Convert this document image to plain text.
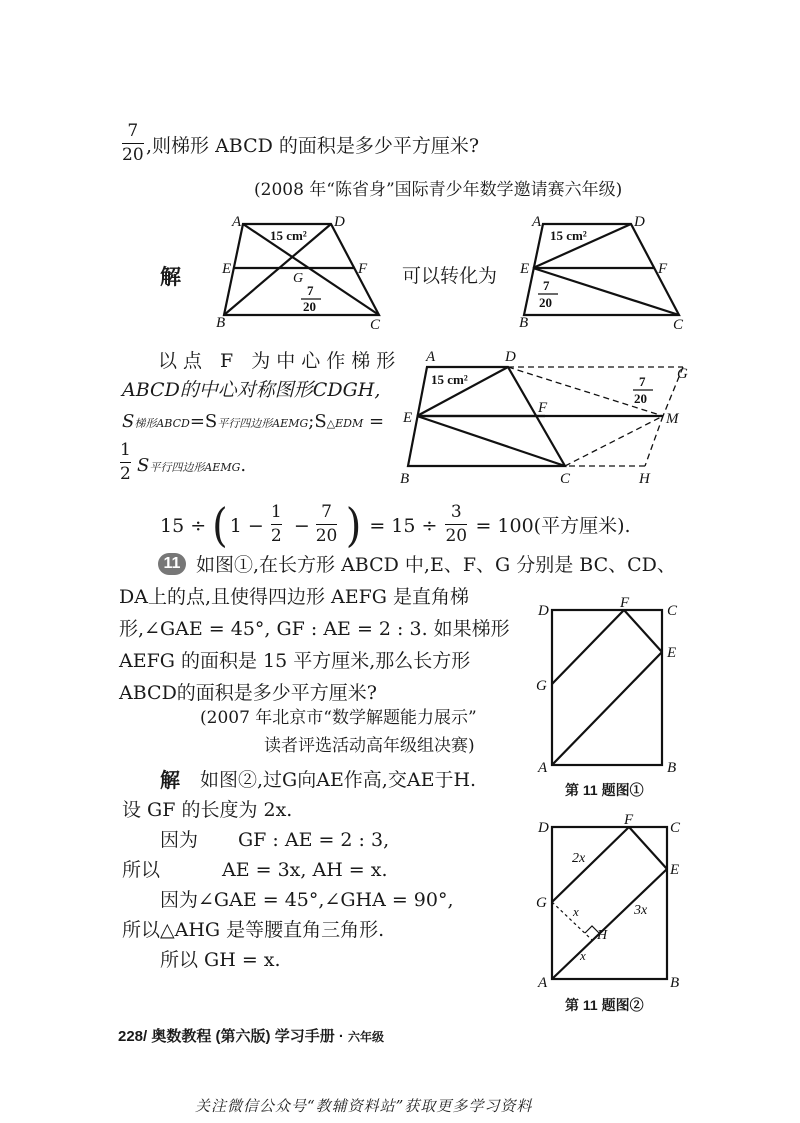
7
20 ,则梯形 ABCD 的面积是多少平方厘米?
(2008 年“陈省身”国际青少年数学邀请赛六年级)
解	可以转化为
A	D
E	F
G
B	C
15 cm²
7
20
A	D
E	F
B	C
15 cm²
7
20
以点 F 为中心作梯形
ABCD的中心对称图形CDGH,
S梯形ABCD=S平行四边形AEMG;S△EDM =
1
2 S平行四边形AEMG.
A	D
G
E
F
M
B	C	H
15 cm²	7
20
15 ÷ ( 1 −
1
2 −
7
20 ) = 15 ÷
3
20 = 100(平方厘米).
11 如图①,在长方形 ABCD 中,E、F、G 分别是 BC、CD、
DA上的点,且使得四边形 AEFG 是直角梯
形,∠GAE = 45°, GF : AE = 2 : 3. 如果梯形
AEFG 的面积是 15 平方厘米,那么长方形
ABCD的面积是多少平方厘米?
(2007 年北京市“数学解题能力展示”
读者评选活动高年级组决赛)
D	F	C
E
G
A	B
第 11 题图①
解 如图②,过G向AE作高,交AE于H.
设 GF 的长度为 2x.
因为 GF : AE = 2 : 3,
所以	AE = 3x, AH = x.
因为∠GAE = 45°,∠GHA = 90°,
所以△AHG 是等腰直角三角形.
所以 GH = x.
D	F C
E
G
A	B
H
2x
3x
x
x
第 11 题图②
228/ 奥数教程 (第六版) 学习手册 · 六年级
关注微信公众号“教辅资料站”获取更多学习资料
